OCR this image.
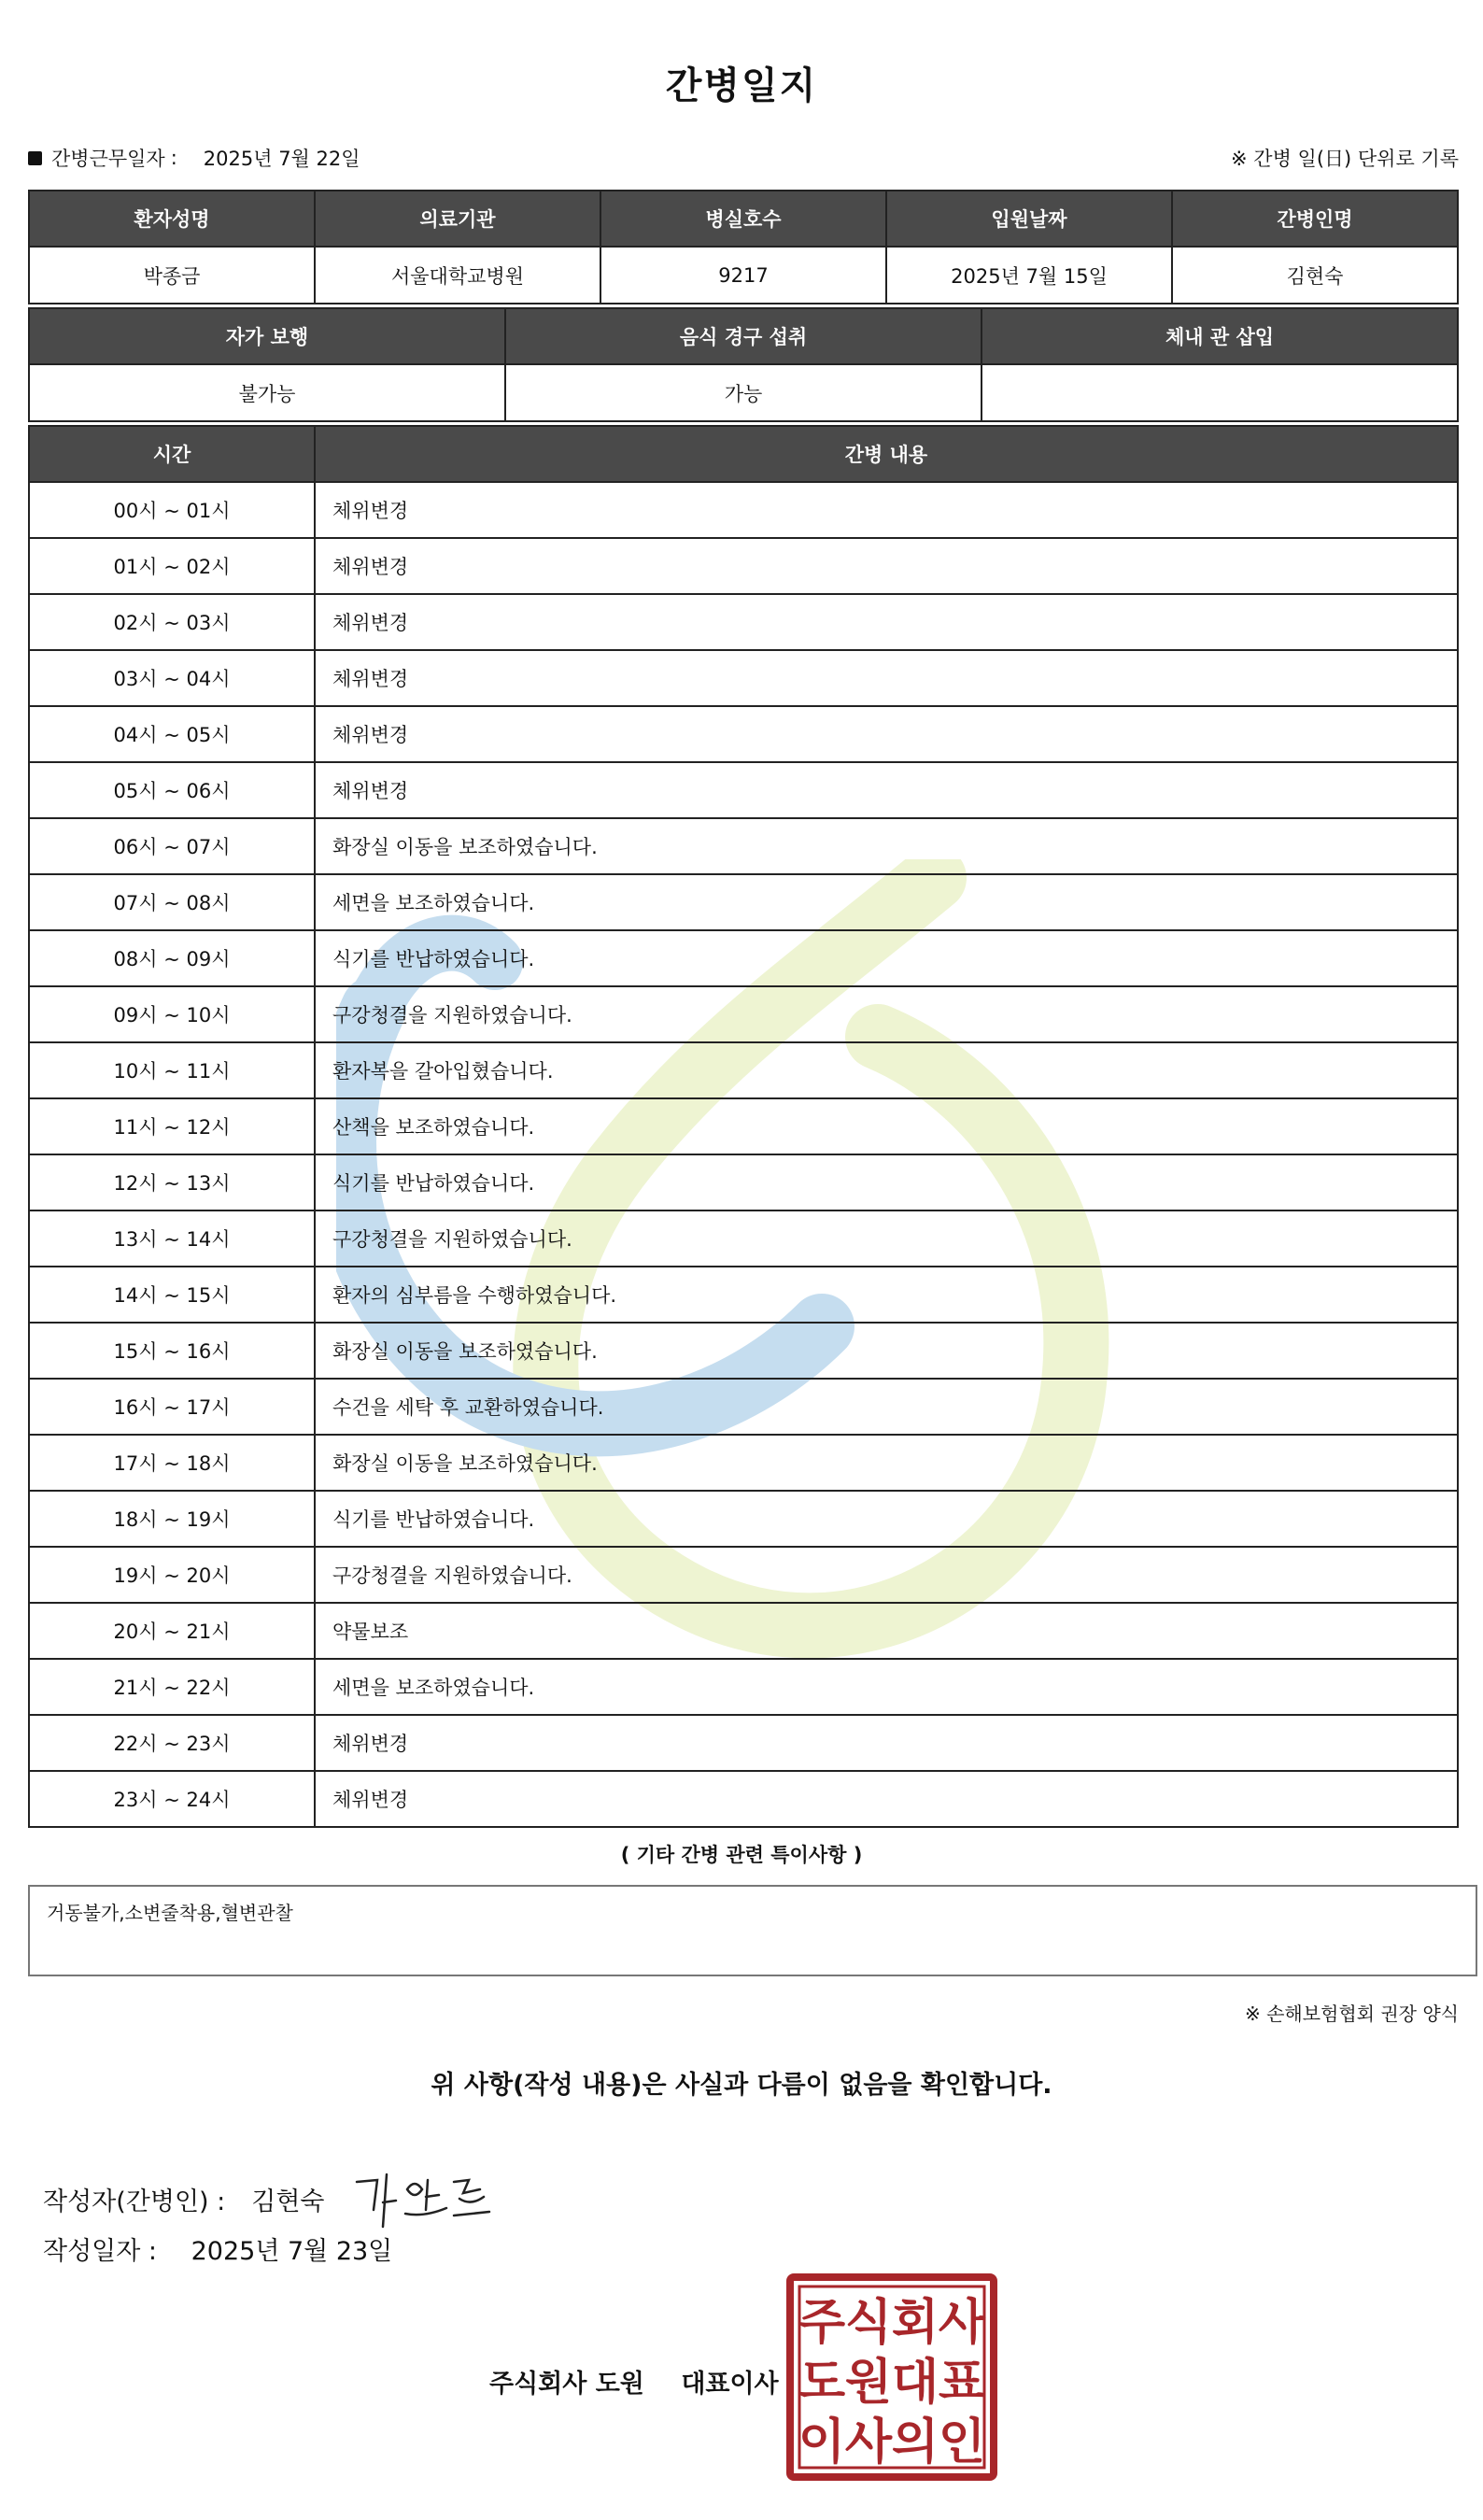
간병일지
간병근무일자 : 2025년 7월 22일	※ 간병 일(日) 단위로 기록
환자성명	의료기관	병실호수	입원날짜	간병인명
박종금	서울대학교병원	9217	2025년 7월 15일	김현숙
자가 보행	음식 경구 섭취	체내 관 삽입
불가능	가능	
시간	간병 내용
00시 ~ 01시	체위변경
01시 ~ 02시	체위변경
02시 ~ 03시	체위변경
03시 ~ 04시	체위변경
04시 ~ 05시	체위변경
05시 ~ 06시	체위변경
06시 ~ 07시	화장실 이동을 보조하였습니다.
07시 ~ 08시	세면을 보조하였습니다.
08시 ~ 09시	식기를 반납하였습니다.
09시 ~ 10시	구강청결을 지원하였습니다.
10시 ~ 11시	환자복을 갈아입혔습니다.
11시 ~ 12시	산책을 보조하였습니다.
12시 ~ 13시	식기를 반납하였습니다.
13시 ~ 14시	구강청결을 지원하였습니다.
14시 ~ 15시	환자의 심부름을 수행하였습니다.
15시 ~ 16시	화장실 이동을 보조하였습니다.
16시 ~ 17시	수건을 세탁 후 교환하였습니다.
17시 ~ 18시	화장실 이동을 보조하였습니다.
18시 ~ 19시	식기를 반납하였습니다.
19시 ~ 20시	구강청결을 지원하였습니다.
20시 ~ 21시	약물보조
21시 ~ 22시	세면을 보조하였습니다.
22시 ~ 23시	체위변경
23시 ~ 24시	체위변경
( 기타 간병 관련 특이사항 )
거동불가,소변줄착용,혈변관찰
※ 손해보험협회 권장 양식
위 사항(작성 내용)은 사실과 다름이 없음을 확인합니다.
작성자(간병인) : 김현숙
작성일자 : 2025년 7월 23일
주식회사 도원 대표이사
주 식 회 사
도 원 대 표
이 사 의 인
